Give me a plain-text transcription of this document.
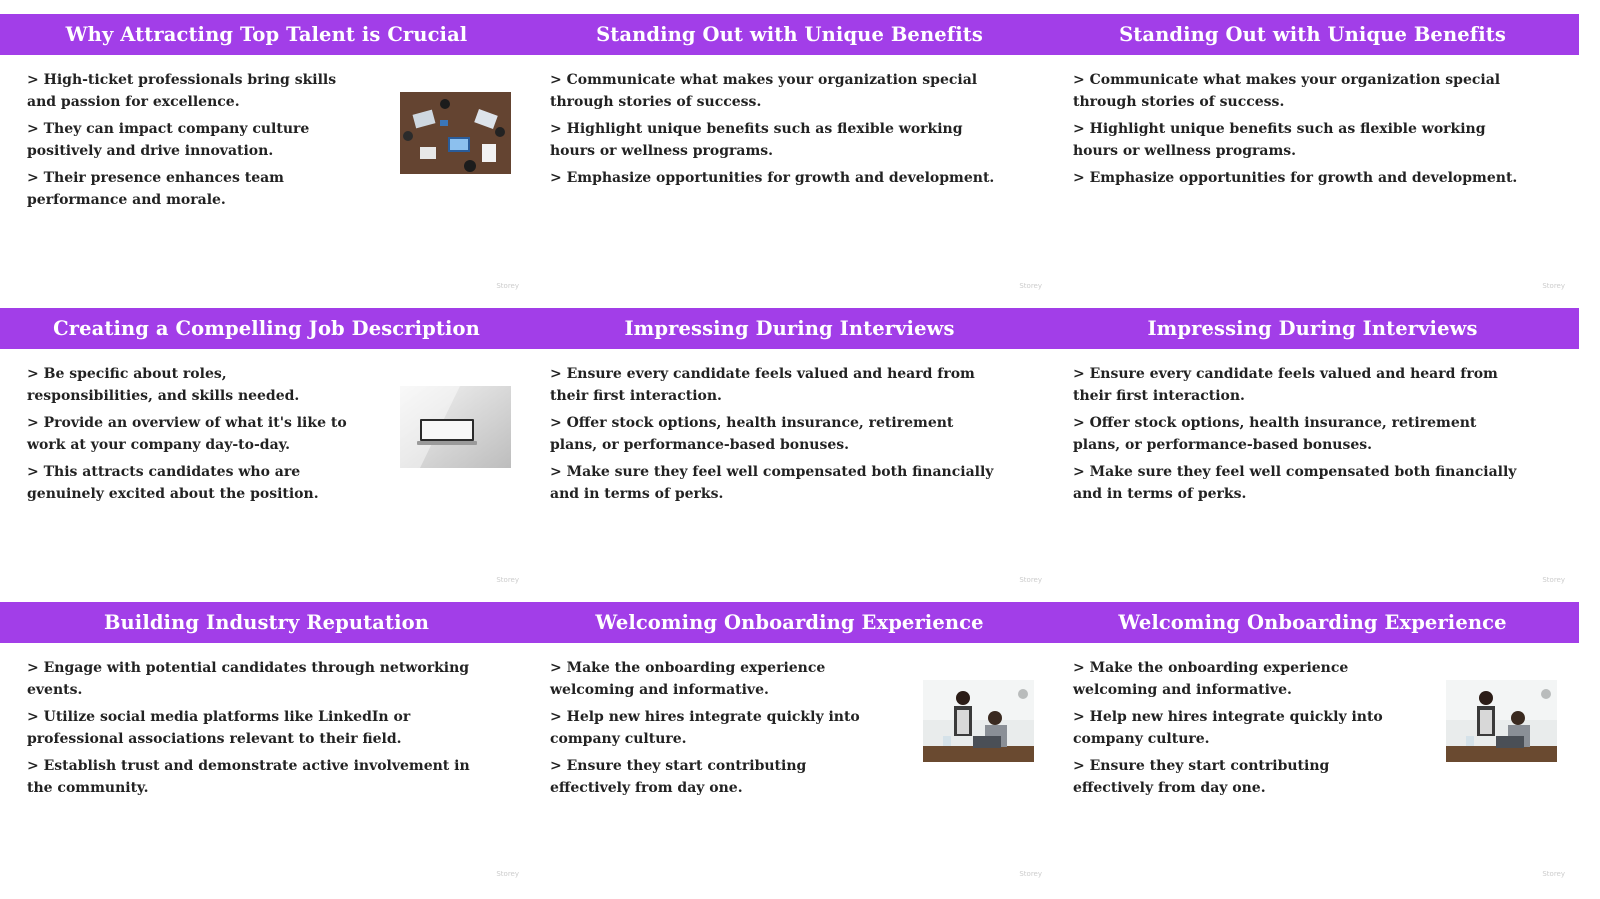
Why Attracting Top Talent is Crucial
> High-ticket professionals bring skills and passion for excellence.
> They can impact company culture positively and drive innovation.
> Their presence enhances team performance and morale.
Storey
Standing Out with Unique Benefits
> Communicate what makes your organization special through stories of success.
> Highlight unique benefits such as flexible working hours or wellness programs.
> Emphasize opportunities for growth and development.
Storey
Standing Out with Unique Benefits
> Communicate what makes your organization special through stories of success.
> Highlight unique benefits such as flexible working hours or wellness programs.
> Emphasize opportunities for growth and development.
Storey
Creating a Compelling Job Description
> Be specific about roles, responsibilities, and skills needed.
> Provide an overview of what it's like to work at your company day-to-day.
> This attracts candidates who are genuinely excited about the position.
Storey
Impressing During Interviews
> Ensure every candidate feels valued and heard from their first interaction.
> Offer stock options, health insurance, retirement plans, or performance-based bonuses.
> Make sure they feel well compensated both financially and in terms of perks.
Storey
Impressing During Interviews
> Ensure every candidate feels valued and heard from their first interaction.
> Offer stock options, health insurance, retirement plans, or performance-based bonuses.
> Make sure they feel well compensated both financially and in terms of perks.
Storey
Building Industry Reputation
> Engage with potential candidates through networking events.
> Utilize social media platforms like LinkedIn or professional associations relevant to their field.
> Establish trust and demonstrate active involvement in the community.
Storey
Welcoming Onboarding Experience
> Make the onboarding experience welcoming and informative.
> Help new hires integrate quickly into company culture.
> Ensure they start contributing effectively from day one.
Storey
Welcoming Onboarding Experience
> Make the onboarding experience welcoming and informative.
> Help new hires integrate quickly into company culture.
> Ensure they start contributing effectively from day one.
Storey
